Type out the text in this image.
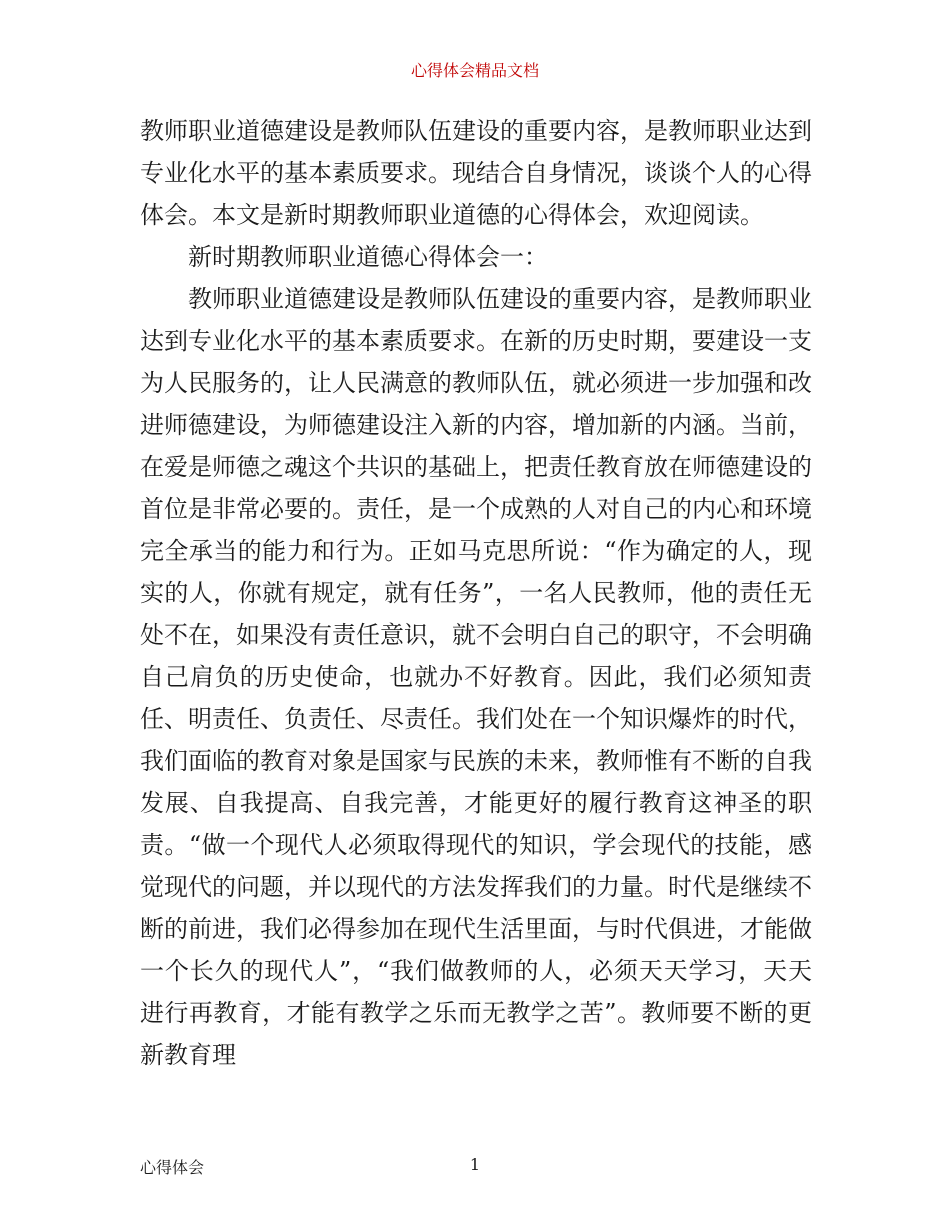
心得体会精品文档

教师职业道德建设是教师队伍建设的重要内容，是教师职业达到专业化水平的基本素质要求。现结合自身情况，谈谈个人的心得体会。本文是新时期教师职业道德的心得体会，欢迎阅读。

新时期教师职业道德心得体会一：

教师职业道德建设是教师队伍建设的重要内容，是教师职业达到专业化水平的基本素质要求。在新的历史时期，要建设一支为人民服务的，让人民满意的教师队伍，就必须进一步加强和改进师德建设，为师德建设注入新的内容，增加新的内涵。当前，在爱是师德之魂这个共识的基础上，把责任教育放在师德建设的首位是非常必要的。责任，是一个成熟的人对自己的内心和环境完全承当的能力和行为。正如马克思所说：“作为确定的人，现实的人，你就有规定，就有任务”，一名人民教师，他的责任无处不在，如果没有责任意识，就不会明白自己的职守，不会明确自己肩负的历史使命，也就办不好教育。因此，我们必须知责任、明责任、负责任、尽责任。我们处在一个知识爆炸的时代，我们面临的教育对象是国家与民族的未来，教师惟有不断的自我发展、自我提高、自我完善，才能更好的履行教育这神圣的职责。“做一个现代人必须取得现代的知识，学会现代的技能，感觉现代的问题，并以现代的方法发挥我们的力量。时代是继续不断的前进，我们必得参加在现代生活里面，与时代俱进，才能做一个长久的现代人”，“我们做教师的人，必须天天学习，天天进行再教育，才能有教学之乐而无教学之苦”。教师要不断的更新教育理

心得体会	1
